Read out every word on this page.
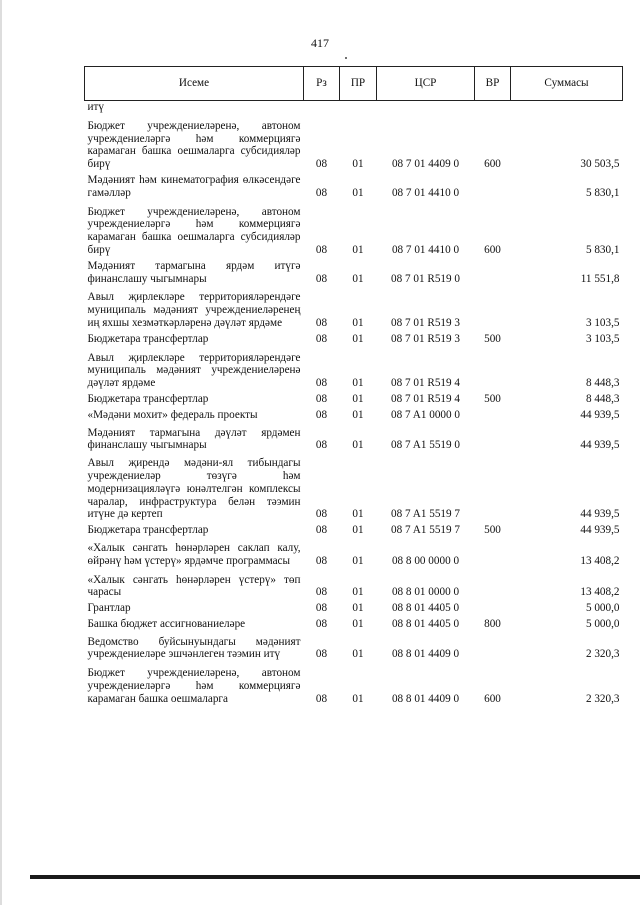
417
Исеме	Рз	ПР	ЦСР	ВР	Суммасы
итү					
Бюджет учреждениеләренә, автоном учреждениеләргә һәм коммерциягә карамаган башка оешмаларга субсидияләр бирү	08	01	08 7 01 4409 0	600	30 503,5
Мәдәният һәм кинематография өлкәсендәге гамәлләр	08	01	08 7 01 4410 0		5 830,1
Бюджет учреждениеләренә, автоном учреждениеләргә һәм коммерциягә карамаган башка оешмаларга субсидияләр бирү	08	01	08 7 01 4410 0	600	5 830,1
Мәдәният тармагына ярдәм итүгә финанслашу чыгымнары	08	01	08 7 01 R519 0		11 551,8
Авыл җирлекләре территорияләрендәге муниципаль мәдәният учреждениеләренең иң яхшы хезмәткәрләренә дәүләт ярдәме	08	01	08 7 01 R519 3		3 103,5
Бюджетара трансфертлар	08	01	08 7 01 R519 3	500	3 103,5
Авыл җирлекләре территорияләрендәге муниципаль мәдәният учреждениеләренә дәүләт ярдәме	08	01	08 7 01 R519 4		8 448,3
Бюджетара трансфертлар	08	01	08 7 01 R519 4	500	8 448,3
«Мәдәни мохит» федераль проекты	08	01	08 7 A1 0000 0		44 939,5
Мәдәният тармагына дәүләт ярдәмен финанслашу чыгымнары	08	01	08 7 A1 5519 0		44 939,5
Авыл җирендә мәдәни-ял тибындагы учреждениеләр төзүгә һәм модернизацияләүгә юнәлтелгән комплексы чаралар, инфраструктура белән тәэмин итүне дә кертеп	08	01	08 7 A1 5519 7		44 939,5
Бюджетара трансфертлар	08	01	08 7 A1 5519 7	500	44 939,5
«Халык сәнгать һөнәрләрен саклап калу, өйрәнү һәм үстерү» ярдәмче программасы	08	01	08 8 00 0000 0		13 408,2
«Халык сәнгать һөнәрләрен үстерү» төп чарасы	08	01	08 8 01 0000 0		13 408,2
Грантлар	08	01	08 8 01 4405 0		5 000,0
Башка бюджет ассигнованиеләре	08	01	08 8 01 4405 0	800	5 000,0
Ведомство буйсынуындагы мәдәният учреждениеләре эшчәнлеген тәэмин итү	08	01	08 8 01 4409 0		2 320,3
Бюджет учреждениеләренә, автоном учреждениеләргә һәм коммерциягә карамаган башка оешмаларга	08	01	08 8 01 4409 0	600	2 320,3
